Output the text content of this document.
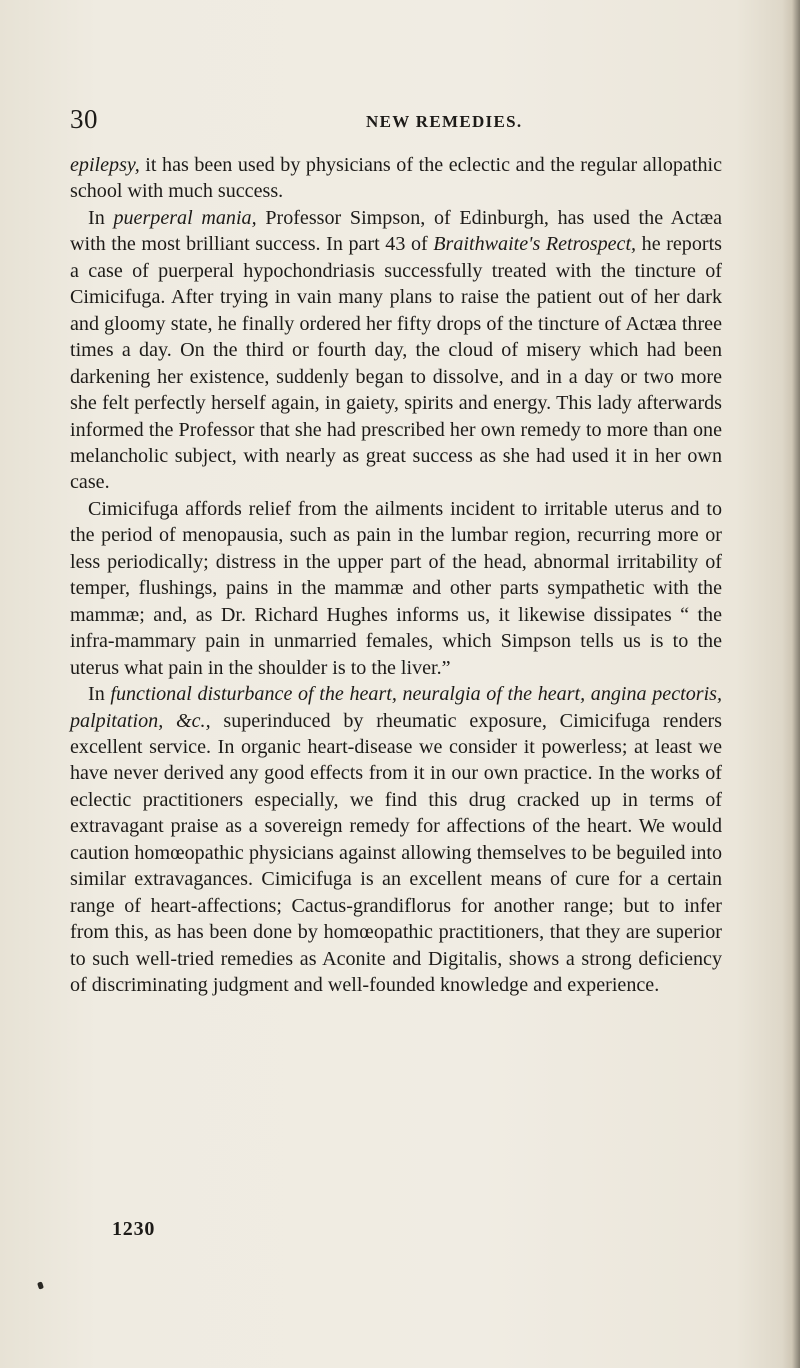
30	NEW REMEDIES.

epilepsy, it has been used by physicians of the eclectic and the regular allopathic school with much success.

In puerperal mania, Professor Simpson, of Edinburgh, has used the Actæa with the most brilliant success. In part 43 of Braithwaite's Retrospect, he reports a case of puerperal hypochondriasis successfully treated with the tincture of Cimicifuga. After trying in vain many plans to raise the patient out of her dark and gloomy state, he finally ordered her fifty drops of the tincture of Actæa three times a day. On the third or fourth day, the cloud of misery which had been darkening her existence, suddenly began to dissolve, and in a day or two more she felt perfectly herself again, in gaiety, spirits and energy. This lady afterwards informed the Professor that she had prescribed her own remedy to more than one melancholic subject, with nearly as great success as she had used it in her own case.

Cimicifuga affords relief from the ailments incident to irritable uterus and to the period of menopausia, such as pain in the lumbar region, recurring more or less periodically; distress in the upper part of the head, abnormal irritability of temper, flushings, pains in the mammæ and other parts sympathetic with the mammæ; and, as Dr. Richard Hughes informs us, it likewise dissipates “ the infra-mammary pain in unmarried females, which Simpson tells us is to the uterus what pain in the shoulder is to the liver.”

In functional disturbance of the heart, neuralgia of the heart, angina pectoris, palpitation, &c., superinduced by rheumatic exposure, Cimicifuga renders excellent service. In organic heart-disease we consider it powerless; at least we have never derived any good effects from it in our own practice. In the works of eclectic practitioners especially, we find this drug cracked up in terms of extravagant praise as a sovereign remedy for affections of the heart. We would caution homœopathic physicians against allowing themselves to be beguiled into similar extravagances. Cimicifuga is an excellent means of cure for a certain range of heart-affections; Cactus-grandiflorus for another range; but to infer from this, as has been done by homœopathic practitioners, that they are superior to such well-tried remedies as Aconite and Digitalis, shows a strong deficiency of discriminating judgment and well-founded knowledge and experience.

1230
